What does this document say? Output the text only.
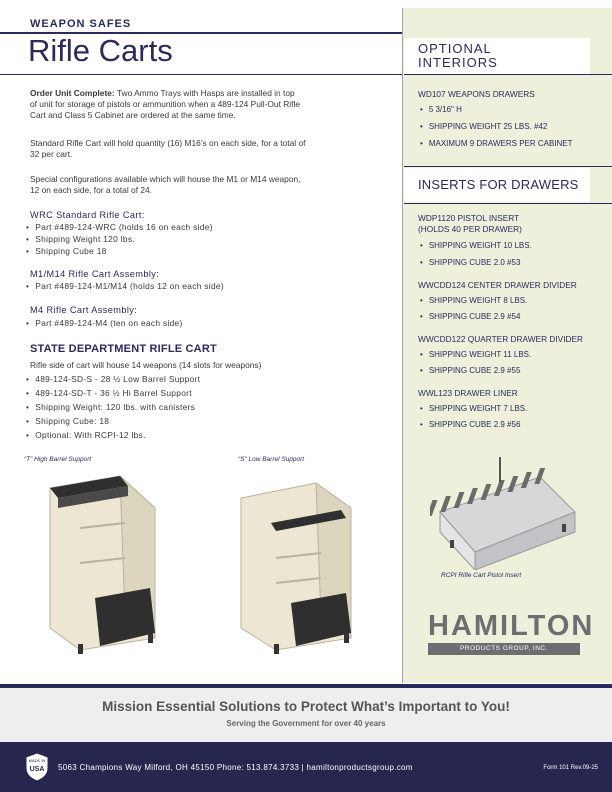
WEAPON SAFES
Rifle Carts	OPTIONAL
INTERIORS
WD107 WEAPONS DRAWERS
• 5 3/16" H
• SHIPPING WEIGHT 25 LBS. #42
• MAXIMUM 9 DRAWERS PER CABINET
INSERTS FOR DRAWERS
WDP1120 PISTOL INSERT
(HOLDS 40 PER DRAWER)
• SHIPPING WEIGHT 10 LBS.
• SHIPPING CUBE 2.0 #53
WWCDD124 CENTER DRAWER DIVIDER
• SHIPPING WEIGHT 8 LBS.
• SHIPPING CUBE 2.9 #54
WWCDD122 QUARTER DRAWER DIVIDER
• SHIPPING WEIGHT 11 LBS.
• SHIPPING CUBE 2.9 #55
WWL123 DRAWER LINER
• SHIPPING WEIGHT 7 LBS.
• SHIPPING CUBE 2.9 #56
RCPI Rifle Cart Pistol Insert
HAMILTON
PRODUCTS GROUP, INC.
Order Unit Complete: Two Ammo Trays with Hasps are installed in top
of unit for storage of pistols or ammunition when a 489-124 Pull-Out Rifle
Cart and Class 5 Cabinet are ordered at the same time.
Standard Rifle Cart will hold quantity (16) M16’s on each side, for a total of
32 per cart.
Special configurations available which will house the M1 or M14 weapon,
12 on each side, for a total of 24.
WRC Standard Rifle Cart:
• Part #489-124-WRC (holds 16 on each side)
• Shipping Weight 120 lbs.
• Shipping Cube 18
M1/M14 Rifle Cart Assembly:
• Part #489-124-M1/M14 (holds 12 on each side)
M4 Rifle Cart Assembly:
• Part #489-124-M4 (ten on each side)
STATE DEPARTMENT RIFLE CART
Rifle side of cart will house 14 weapons (14 slots for weapons)
• 489-124-SD-S - 28 ½ Low Barrel Support
• 489-124-SD-T - 36 ½ Hi Barrel Support
• Shipping Weight: 120 lbs. with canisters
• Shipping Cube: 18
• Optional: With RCPI-12 lbs.
“T” High Barrel Support	“S” Low Barrel Support
Mission Essential Solutions to Protect What’s Important to You!
Serving the Government for over 40 years
MADE IN
USA 5063 Champions Way Milford, OH 45150 Phone: 513.874.3733 | hamiltonproductsgroup.com	Form 101 Rev.09-25
